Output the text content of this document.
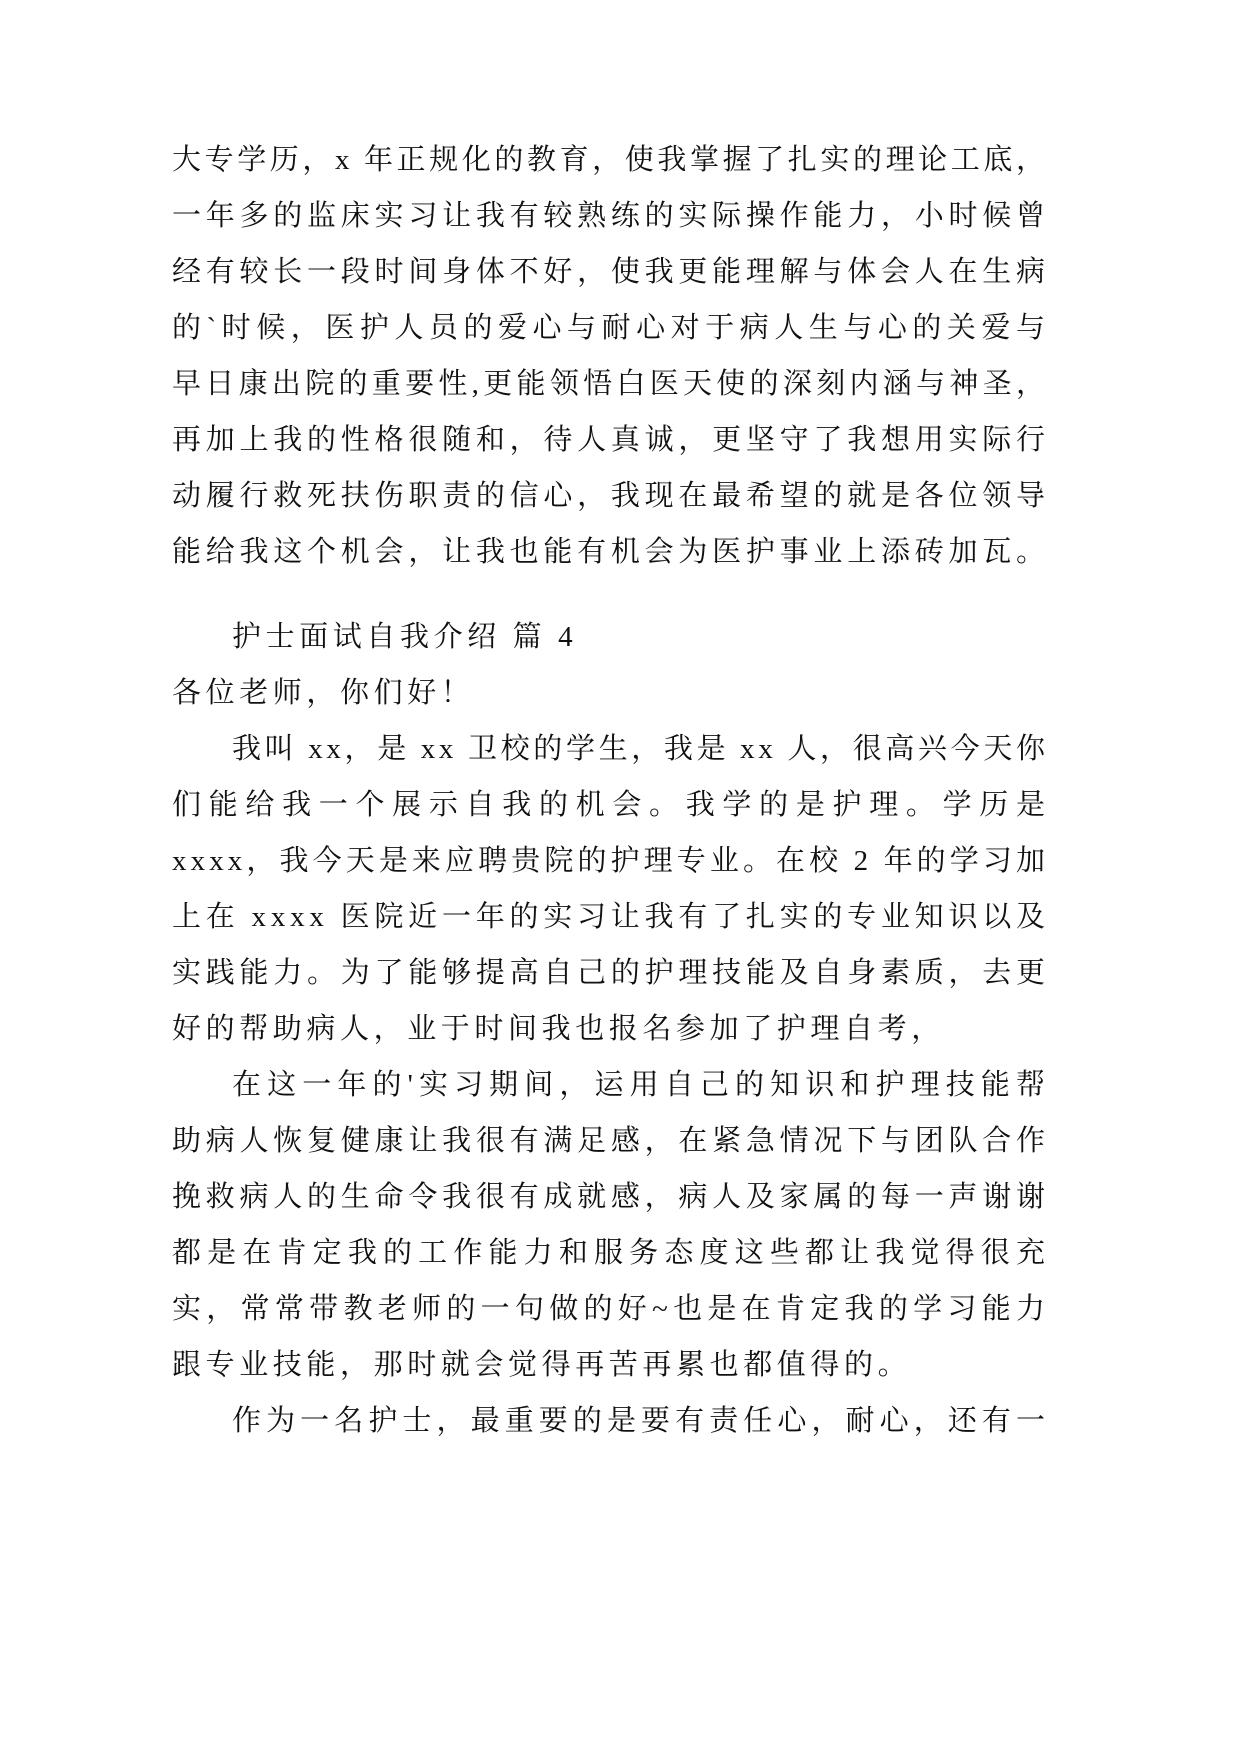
大专学历，x 年正规化的教育，使我掌握了扎实的理论工底，
一年多的监床实习让我有较熟练的实际操作能力，小时候曾
经有较长一段时间身体不好，使我更能理解与体会人在生病
的`时候，医护人员的爱心与耐心对于病人生与心的关爱与
早日康出院的重要性,更能领悟白医天使的深刻内涵与神圣，
再加上我的性格很随和，待人真诚，更坚守了我想用实际行
动履行救死扶伤职责的信心，我现在最希望的就是各位领导
能给我这个机会，让我也能有机会为医护事业上添砖加瓦。
护士面试自我介绍 篇 4
各位老师，你们好！
我叫 xx，是 xx 卫校的学生，我是 xx 人，很高兴今天你
们能给我一个展示自我的机会。我学的是护理。学历是
xxxx，我今天是来应聘贵院的护理专业。在校 2 年的学习加
上在 xxxx 医院近一年的实习让我有了扎实的专业知识以及
实践能力。为了能够提高自己的护理技能及自身素质，去更
好的帮助病人，业于时间我也报名参加了护理自考，
在这一年的'实习期间，运用自己的知识和护理技能帮
助病人恢复健康让我很有满足感，在紧急情况下与团队合作
挽救病人的生命令我很有成就感，病人及家属的每一声谢谢
都是在肯定我的工作能力和服务态度这些都让我觉得很充
实，常常带教老师的一句做的好~也是在肯定我的学习能力
跟专业技能，那时就会觉得再苦再累也都值得的。
作为一名护士，最重要的是要有责任心，耐心，还有一
